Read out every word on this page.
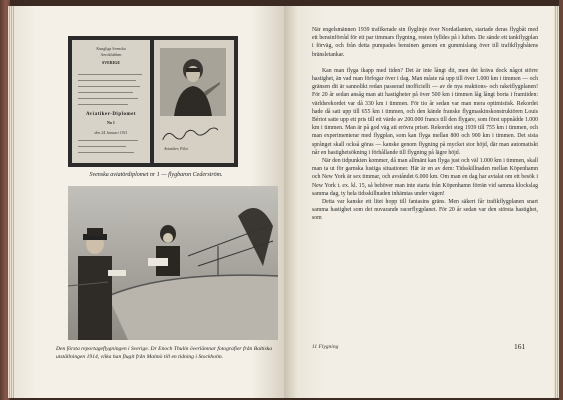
Kungliga Svenska
Aeroklubben
SVERIGE
Aviatiker-Diplomet
No 1
den 24 Januari 1911
Aviatiker, Pilot
Svenska aviatördiplomet nr 1 — flygbaron Cederström.
Den första reportageflygningen i Sverige. Dr Enoch Thulin överlämnar fotografier från Baltiska utställningen 1914, vilka han flugit från Malmö till en tidning i Stockholm.

När engelsmännen 1939 trafikerade sin flyglinje över Nordatlanten, startade deras flygbåt med ett bensinförråd för ett par timmars flygning, resten fylldes på i luften. De sände ett tankflygplan i förväg, och från detta pumpades bensinen genom en gummislang över till trafikflygbåtens bränsletankar.

Kan man flyga ikapp med tiden? Det är inte långt dit, men det kräva dock något större hastighet, än vad man förfogar över i dag. Man måste nå upp till över 1.000 km i timmen — och gränsen dit är sannolikt redan passerad inofficiellt — av de nya reaktions- och raketflygplanen! För 20 år sedan ansåg man att hastigheter på över 500 km i timmen låg långt borta i framtiden: världsrekordet var då 330 km i timmen. För tio år sedan var man mera optimistisk. Rekordet hade då satt upp till 655 km i timmen, och den kände franske flygmaskinskonstruktören Louis Bériot satte upp ett pris till ett värde av 200.000 francs till den flygare, som först uppnådde 1.000 km i timmen. Man är på god väg att erövra priset. Rekordet steg 1939 till 755 km i timmen, och man experimenterar med flygplan, som kan flyga mellan 800 och 900 km i timmen. Det sista språnget skall också göras — kanske genom flygning på mycket stor höjd, där man automatiskt når en hastighetsökning i förhållande till flygning på lägre höjd.

När den tidpunkten kommer, då man allmänt kan flyga just och väl 1.000 km i timmen, skall man ta ut för garnska lustiga situationer. Här är en av dem: Tidsskillnaden mellan Köpenhamn och New York är sex timmar, och avståndet 6.000 km. Om man en dag har avtalat om ett besök i New York t. ex. kl. 15, så behöver man inte starta från Köpenhamn förrän vid samma klockslag samma dag, ty hela tidsskillnaden inhämtas under vägen!

Detta var kanske ett litet hopp till fantasins gräns. Men säkert får trafikflygplanen snart samma hastighet som det nuvarande racerflygplanet. För 20 år sedan var den största hastighet, som

11 Flygning	161
